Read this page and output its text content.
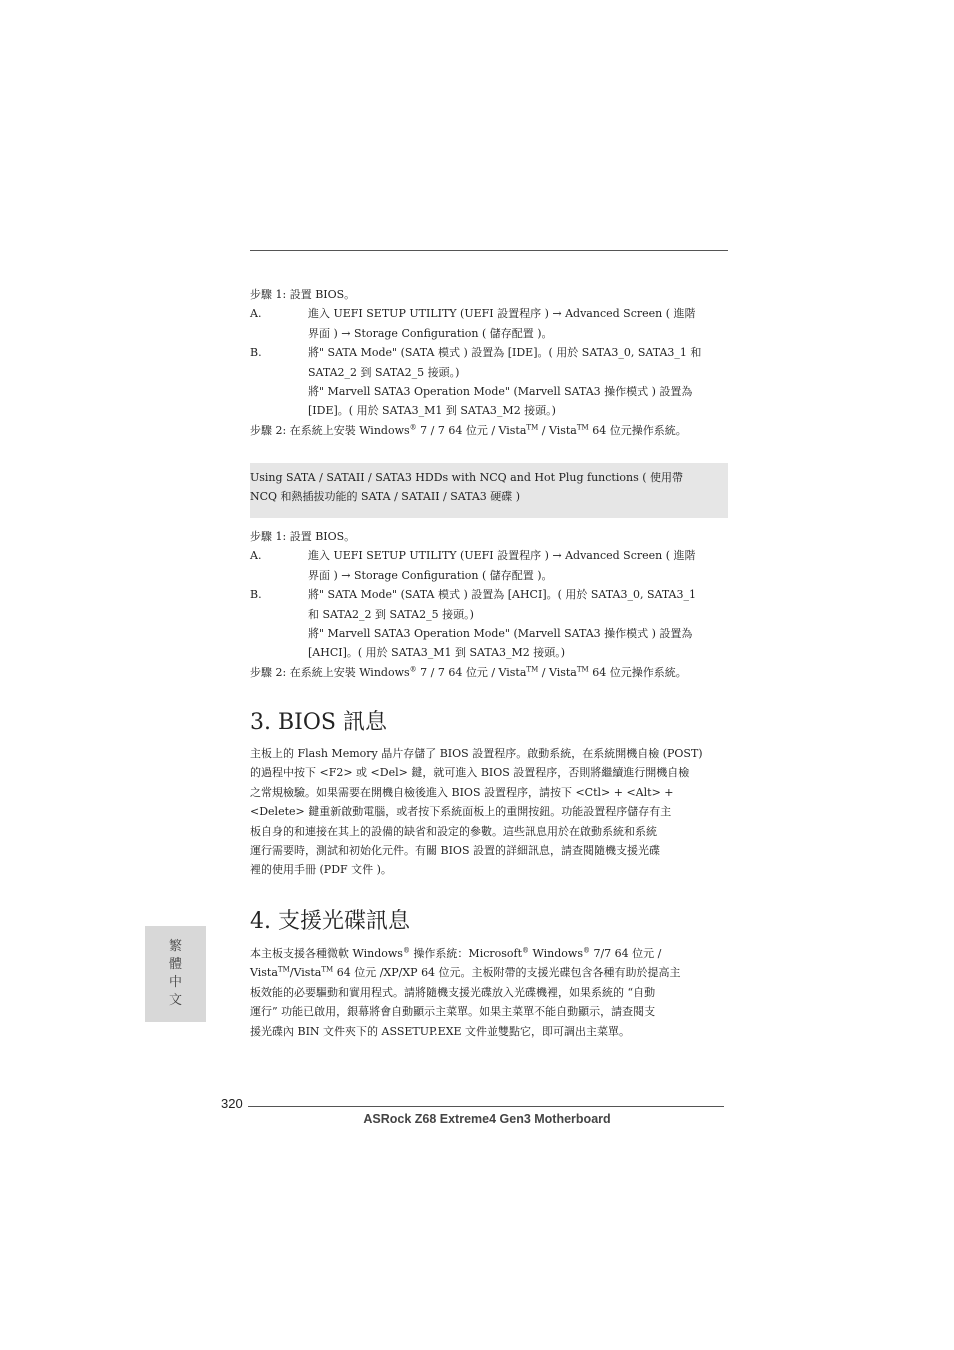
步驟 1: 設置 BIOS。
A.	進入 UEFI SETUP UTILITY (UEFI 設置程序 ) → Advanced Screen ( 進階
界面 ) → Storage Configuration ( 儲存配置 )。
B.	將" SATA Mode" (SATA 模式 ) 設置為 [IDE]。( 用於 SATA3_0, SATA3_1 和
SATA2_2 到 SATA2_5 接頭。)
將" Marvell SATA3 Operation Mode" (Marvell SATA3 操作模式 ) 設置為
[IDE]。( 用於 SATA3_M1 到 SATA3_M2 接頭。)
步驟 2: 在系統上安裝 Windows® 7 / 7 64 位元 / Vista™ / Vista™ 64 位元操作系統。
Using SATA / SATAII / SATA3 HDDs with NCQ and Hot Plug functions ( 使用帶
NCQ 和熱插拔功能的 SATA / SATAII / SATA3 硬碟 )
步驟 1: 設置 BIOS。
A.	進入 UEFI SETUP UTILITY (UEFI 設置程序 ) → Advanced Screen ( 進階
界面 ) → Storage Configuration ( 儲存配置 )。
B.	將" SATA Mode" (SATA 模式 ) 設置為 [AHCI]。( 用於 SATA3_0, SATA3_1
和 SATA2_2 到 SATA2_5 接頭。)
將" Marvell SATA3 Operation Mode" (Marvell SATA3 操作模式 ) 設置為
[AHCI]。( 用於 SATA3_M1 到 SATA3_M2 接頭。)
步驟 2: 在系統上安裝 Windows® 7 / 7 64 位元 / Vista™ / Vista™ 64 位元操作系統。
3. BIOS 訊息
主板上的 Flash Memory 晶片存儲了 BIOS 設置程序。啟動系統，在系統開機自檢 (POST)
的過程中按下 <F2> 或 <Del> 鍵，就可進入 BIOS 設置程序，否則將繼續進行開機自檢
之常規檢驗。如果需要在開機自檢後進入 BIOS 設置程序，請按下 <Ctl> + <Alt> +
<Delete> 鍵重新啟動電腦，或者按下系統面板上的重開按鈕。功能設置程序儲存有主
板自身的和連接在其上的設備的缺省和設定的參數。這些訊息用於在啟動系統和系統
運行需要時，測試和初始化元件。有關 BIOS 設置的詳細訊息，請查閱隨機支援光碟
裡的使用手冊 (PDF 文件 )。
4. 支援光碟訊息
本主板支援各種微軟 Windows® 操作系統：Microsoft® Windows® 7/7 64 位元 /
Vista™/Vista™ 64 位元 /XP/XP 64 位元。主板附帶的支援光碟包含各種有助於提高主
板效能的必要驅動和實用程式。請將隨機支援光碟放入光碟機裡，如果系統的 “自動
運行” 功能已啟用，銀幕將會自動顯示主菜單。如果主菜單不能自動顯示，請查閱支
援光碟內 BIN 文件夾下的 ASSETUP.EXE 文件並雙點它，即可調出主菜單。
繁體中文
320
ASRock Z68 Extreme4 Gen3 Motherboard
